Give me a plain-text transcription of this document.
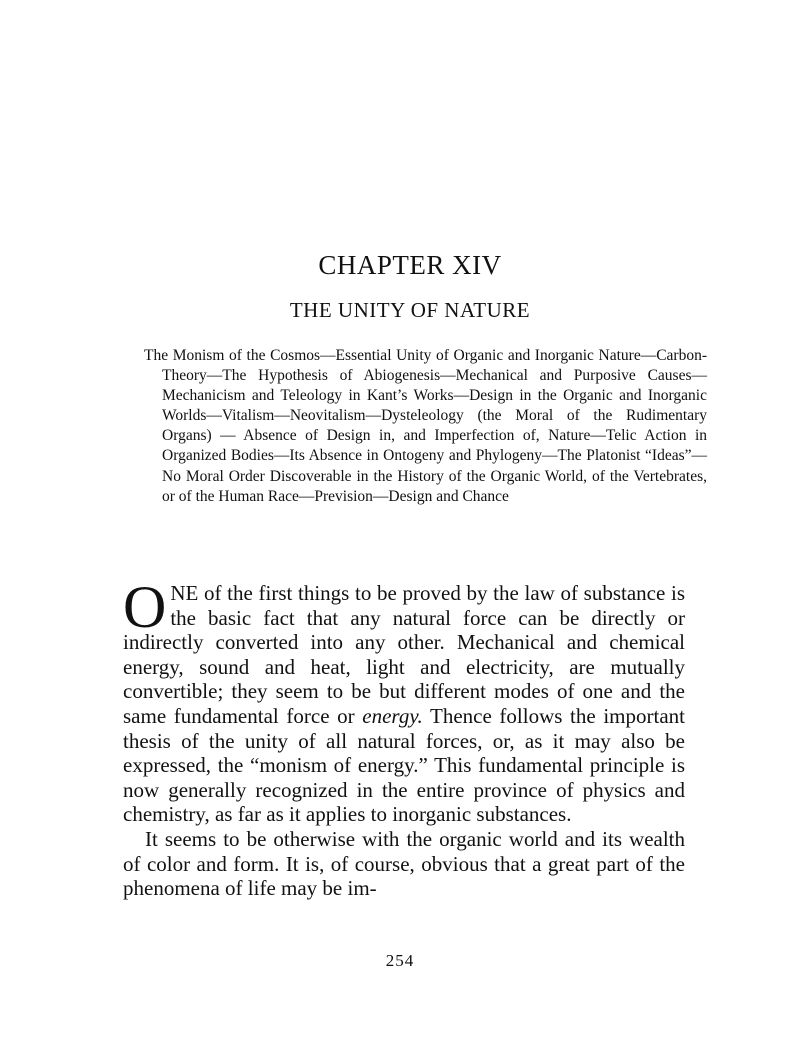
CHAPTER XIV
THE UNITY OF NATURE

The Monism of the Cosmos—Essential Unity of Organic and Inorganic Nature—Carbon-Theory—The Hypothesis of Abiogenesis—Mechanical and Purposive Causes—Mechanicism and Teleology in Kant’s Works—Design in the Organic and Inorganic Worlds—Vitalism—Neovitalism—Dysteleology (the Moral of the Rudimentary Organs) — Absence of Design in, and Imperfection of, Nature—Telic Action in Organized Bodies—Its Absence in Ontogeny and Phylogeny—The Platonist “Ideas”—No Moral Order Discoverable in the History of the Organic World, of the Vertebrates, or of the Human Race—Prevision—Design and Chance

ONE of the first things to be proved by the law of substance is the basic fact that any natural force can be directly or indirectly converted into any other. Mechanical and chemical energy, sound and heat, light and electricity, are mutually convertible; they seem to be but different modes of one and the same fundamental force or energy. Thence follows the important thesis of the unity of all natural forces, or, as it may also be expressed, the “monism of energy.” This fundamental principle is now generally recognized in the entire province of physics and chemistry, as far as it applies to inorganic substances.

It seems to be otherwise with the organic world and its wealth of color and form. It is, of course, obvious that a great part of the phenomena of life may be im-

254
